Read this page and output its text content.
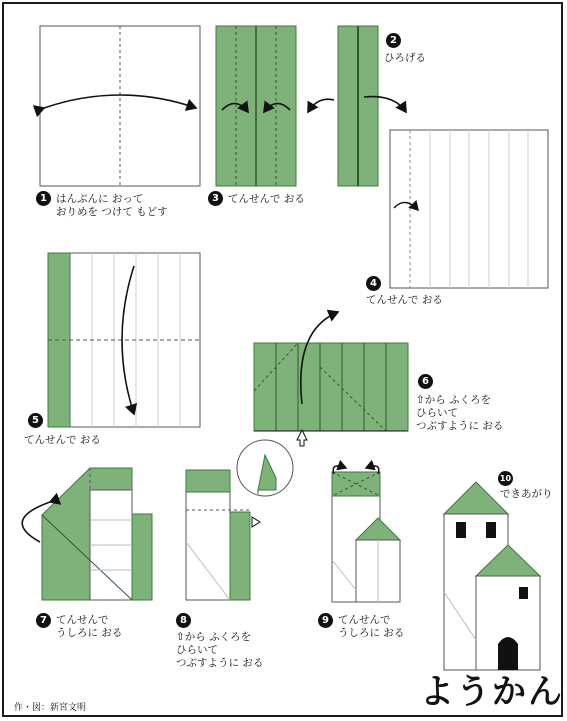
1
2
3
4
5
6
7	8	9
10
はんぶんに おって
おりめを つけて もどす
ひろげる
てんせんで おる
てんせんで おる
てんせんで おる
⇧から ふくろを
ひらいて
つぶすように おる
てんせんで
うしろに おる	⇧から ふくろを
ひらいて
つぶすように おる
てんせんで
うしろに おる
できあがり
ようかん
作・図：新宮文明
